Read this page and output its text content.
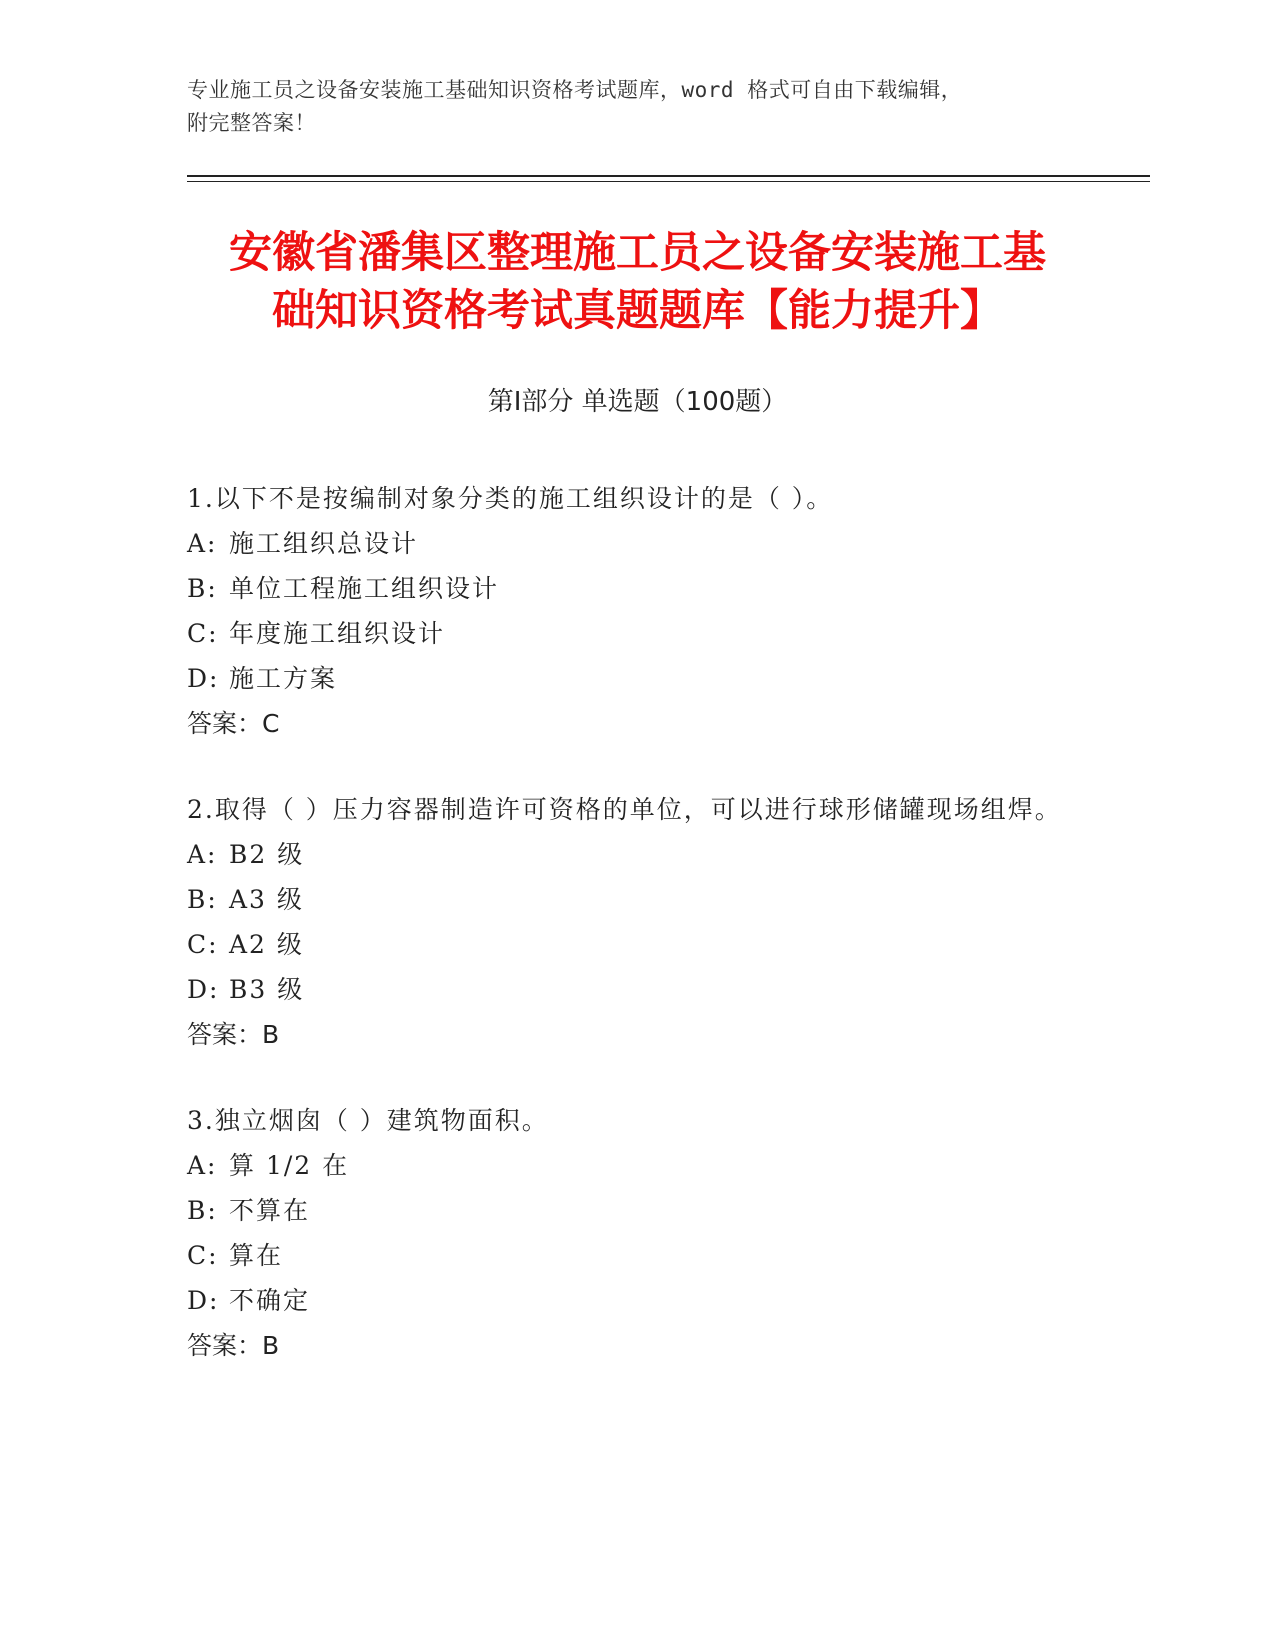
专业施工员之设备安装施工基础知识资格考试题库，word 格式可自由下载编辑，
附完整答案！
安徽省潘集区整理施工员之设备安装施工基
础知识资格考试真题题库【能力提升】
第Ⅰ部分 单选题（100题）
1.以下不是按编制对象分类的施工组织设计的是（ ）。
A: 施工组织总设计
B: 单位工程施工组织设计
C: 年度施工组织设计
D: 施工方案
答案：C
2.取得（ ）压力容器制造许可资格的单位，可以进行球形储罐现场组焊。
A: B2 级
B: A3 级
C: A2 级
D: B3 级
答案：B
3.独立烟囱（ ）建筑物面积。
A: 算 1/2 在
B: 不算在
C: 算在
D: 不确定
答案：B
